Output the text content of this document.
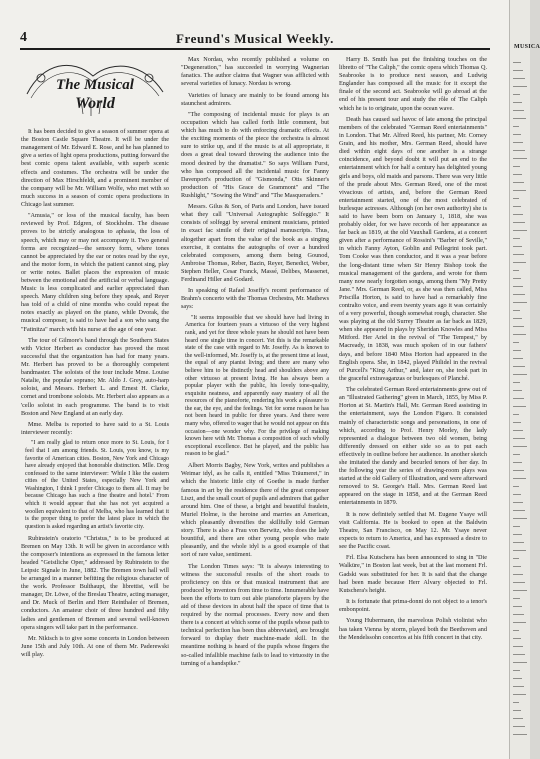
4	Freund's Musical Weekly.
The Musical
World

It has been decided to give a season of summer opera at the Boston Castle Square Theatre. It will be under the management of Mr. Edward E. Rose, and he has planned to give a series of light opera productions, putting forward the best comic opera talent available, with superb scenic effects and costumes. The orchestra will be under the direction of Max Hirschfeldt, and a prominent member of the company will be Mr. William Wolfe, who met with so much success in a season of comic opera productions in Chicago last summer.

"Amusia," or loss of the musical faculty, has been reviewed by Prof. Edgren, of Stockholm. The disease proves to be strictly analogous to aphasia, the loss of speech, which may or may not accompany it. Two general forms are recognized—the sensory form, where tones cannot be appreciated by the ear or notes read by the eye, and the motor form, in which the patient cannot sing, play or write notes. Ballet places the expression of music between the emotional and the artificial or verbal language. Music is less complicated and earlier appreciated than speech. Many children sing before they speak, and Reyer has told of a child of nine months who could repeat the notes exactly as played on the piano, while Dvorak, the musical composer, is said to have had a son who sang the "Fatinitza" march with his nurse at the age of one year.

The tour of Gilmore's band through the Southern States with Victor Herbert as conductor has proved the most successful that the organization has had for many years. Mr. Herbert has proved to be a thoroughly competent bandmaster. The soloists of the tour include Mme. Louise Natalie, the popular soprano; Mr. Aldo J. Grey, auto-harp soloist, and Messrs. Herbert L. and Ernest H. Clarke, cornet and trombone soloists. Mr. Herbert also appears as a 'cello soloist in each programme. The band is to visit Boston and New England at an early day.

Mme. Melba is reported to have said to a St. Louis interviewer recently:

"I am really glad to return once more to St. Louis, for I feel that I am among friends. St. Louis, you know, is my favorite of American cities. Boston, New York and Chicago have already enjoyed that honorable distinction. Mlle. Drog confessed to the same interviewer: 'While I like the eastern cities of the United States, especially New York and Washington, I think I prefer Chicago to them all. It may be because Chicago has such a fine theatre and hotel.' From which it would appear that she has not yet acquired a woollen equivalent to that of Melba, who has learned that it is the proper thing to prefer the latest place in which the question is asked regarding an artist's favorite city.

Rubinstein's oratorio "Christus," is to be produced at Bremen on May 13th. It will be given in accordance with the composer's intentions as expressed in the famous letter headed "Geistliche Oper," addressed by Rubinstein to the Leipsic Signale in June, 1882. The Bremen town hall will be arranged in a manner befitting the religious character of the work. Professor Bulthaupt, the librettist, will be manager, Dr. Löwe, of the Breslau Theatre, acting manager, and Dr. Muck of Berlin and Herr Reinthaler of Bremen, conductors. An amateur choir of three hundred and fifty ladies and gentlemen of Bremen and several well-known opera singers will take part in the performance.

Mr. Nikisch is to give some concerts in London between June 15th and July 10th. At one of them Mr. Paderewski will play.

Max Nordau, who recently published a volume on "Degeneration," has succeeded in worrying Wagnerian fanatics. The author claims that Wagner was afflicted with several varieties of lunacy. Nordau is wrong.

Varieties of lunacy are mainly to be found among his staunchest admirers.

"The composing of incidental music for plays is an occupation which has called forth little comment, but which has much to do with enforcing dramatic effects. At the exciting moments of the piece the orchestra is almost sure to strike up, and if the music is at all appropriate, it does a great deal toward throwing the audience into the mood desired by the dramatist." So says William Furst, who has composed all the incidental music for Fanny Davenport's production of "Gismonda," Otis Skinner's production of "His Grace de Grammont" and "The Rushlight," "Sowing the Wind" and "The Masqueraders."

Messrs. Gilus & Son, of Paris and London, have issued what they call "Universal Autographic Solfeggio." It consists of solfeggi by several eminent musicians, printed in exact fac simile of their original manuscripts. Thus, altogether apart from the value of the book as a singing exercise, it contains the autographs of over a hundred celebrated composers, among them being Gounod, Ambroise Thomas, Reber, Bazin, Reyer, Benedict, Weber, Stephen Heller, Cesar Franck, Massé, Delibes, Massenet, Ferdinand Hiller and Godard.

In speaking of Rafael Joseffy's recent performance of Brahm's concerto with the Thomas Orchestra, Mr. Mathews says:

"It seems impossible that we should have had living in America for fourteen years a virtuoso of the very highest rank, and yet for three whole years he should not have been heard one single time in concert. Yet this is the remarkable state of the case with regard to Mr. Joseffy. As is known to the well-informed, Mr. Joseffy is, at the present time at least, the equal of any pianist living; and there are many who believe him to be distinctly head and shoulders above any other virtuoso at present living. He has always been a popular player with the public, his lovely tone-quality, exquisite neatness, and apparently easy mastery of all the resources of the pianoforte, rendering his work a pleasure to the ear, the eye, and the feelings. Yet for some reason he has not been heard in public for three years. And there were many who, offered to wager that he would not appear on this occasion—one wonder why. For the privilege of making known here with Mr. Thomas a composition of such wholly exceptional excellence. But he played, and the public has reason to be glad."

Albert Morris Bagby, New York, writes and publishes a Weimar idyl, as he calls it, entitled "Miss Träumerei," in which the historic little city of Goethe is made further famous in art by the residence there of the great composer Liszt, and the small court of pupils and admirers that gather around him. One of these, a bright and beautiful fraulein, Muriel Holme, is the heroine and marries an American, which pleasantly diversifies the skillfully told German story. There is also a Frau von Berwitz, who does the lady bountiful, and there are other young people who mate pleasantly, and the whole idyl is a good example of that sort of rare value, sentiment.

The London Times says: "It is always interesting to witness the successful results of the short roads to proficiency on this or that musical instrument that are produced by inventors from time to time. Innumerable have been the efforts to turn out able pianoforte players by the aid of these devices in about half the space of time that is required by the normal processes. Every now and then there is a concert at which some of the pupils whose path to technical perfection has been thus abbreviated, are brought forward to display their machine-made skill. In the meantime nothing is heard of the pupils whose fingers the so-called infallible machine fails to lead to virtuosity in the turning of a handspike."

Harry B. Smith has put the finishing touches on the libretto of "The Caliph," the comic opera which Thomas Q. Seabrooke is to produce next season, and Ludwig Englander has composed all the music for it except the finale of the second act. Seabrooke will go abroad at the end of his present tour and study the rôle of The Caliph which he is to originate, upon the ocean wave.

Death has caused sad havoc of late among the principal members of the celebrated "German Reed entertainments" in London. That Mr. Alfred Reed, his partner, Mr. Corney Grain, and his mother, Mrs. German Reed, should have died within eight days of one another is a strange coincidence, and beyond doubt it will put an end to the entertainment which for half a century has delighted young girls and boys, old maids and parsons. There was very little of the prude about Mrs. German Reed, one of the most vivacious of artists, and, before the German Reed entertainment started, one of the most celebrated of burlesque actresses. Although (on her own authority) she is said to have been born on January 1, 1818, she was probably older, for we have records of her appearance as far back as 1819, at the old Vauxhall Gardens, at a concert given after a performance of Rossini's "Barber of Seville," in which Fanny Ayton, Goblin and Pellegrini took part. Tom Cooke was then conductor, and it was a year before the long-distant time when Sir Henry Bishop took the musical management of the gardens, and wrote for them many now nearly forgotten songs, among them "My Pretty Jane." Mrs. German Reed, or, as she was then called, Miss Priscilla Horton, is said to have had a remarkably fine contralto voice, and even twenty years ago it was certainly of a very powerful, though somewhat rough, character. She was playing at the old Surrey Theatre as far back as 1829, when she appeared in plays by Sheridan Knowles and Miss Mitford. Her Ariel in the revival of "The Tempest," by Macready, in 1838, was much spoken of in our fathers' days, and before 1840 Miss Horton had appeared in the English opera. She, in 1842, played Philidel in the revival of Purcell's "King Arthur," and, later on, she took part in the graceful extravaganzas or burlesques of Planché.

The celebrated German Reed entertainments grew out of an "Illustrated Gathering" given in March, 1855, by Miss P. Horton at St. Martin's Hall, Mr. German Reed assisting in the entertainment, says the London Figaro. It consisted mainly of characteristic songs and personations, in one of which, according to Prof. Henry Morley, the lady represented a dialogue between two old women, being differently dressed on either side so as to put each effectively in outline before her audience. In another sketch she imitated the dandy and becurled tenors of her day. In the following year the series of drawing-room plays was started at the old Gallery of Illustration, and were afterward removed to St. George's Hall. Mrs. German Reed last appeared on the stage in 1858, and at the German Reed entertainments in 1879.

It is now definitely settled that M. Eugene Ysaye will visit California. He is booked to open at the Baldwin Theatre, San Francisco, on May 12. Mr. Ysaye never expects to return to America, and has expressed a desire to see the Pacific coast.

Frl. Elsa Kutschera has been announced to sing in "Die Walküre," in Boston last week, but at the last moment Frl. Gadski was substituted for her. It is said that the change had been made because Herr Alvary objected to Frl. Kutschera's height.

It is fortunate that prima-donni do not object to a tenor's embonpoint.

Young Hubermann, the marvelous Polish violinist who has taken Vienna by storm, played both the Beethoven and the Mendelssohn concertos at his fifth concert in that city.

MUSICA
